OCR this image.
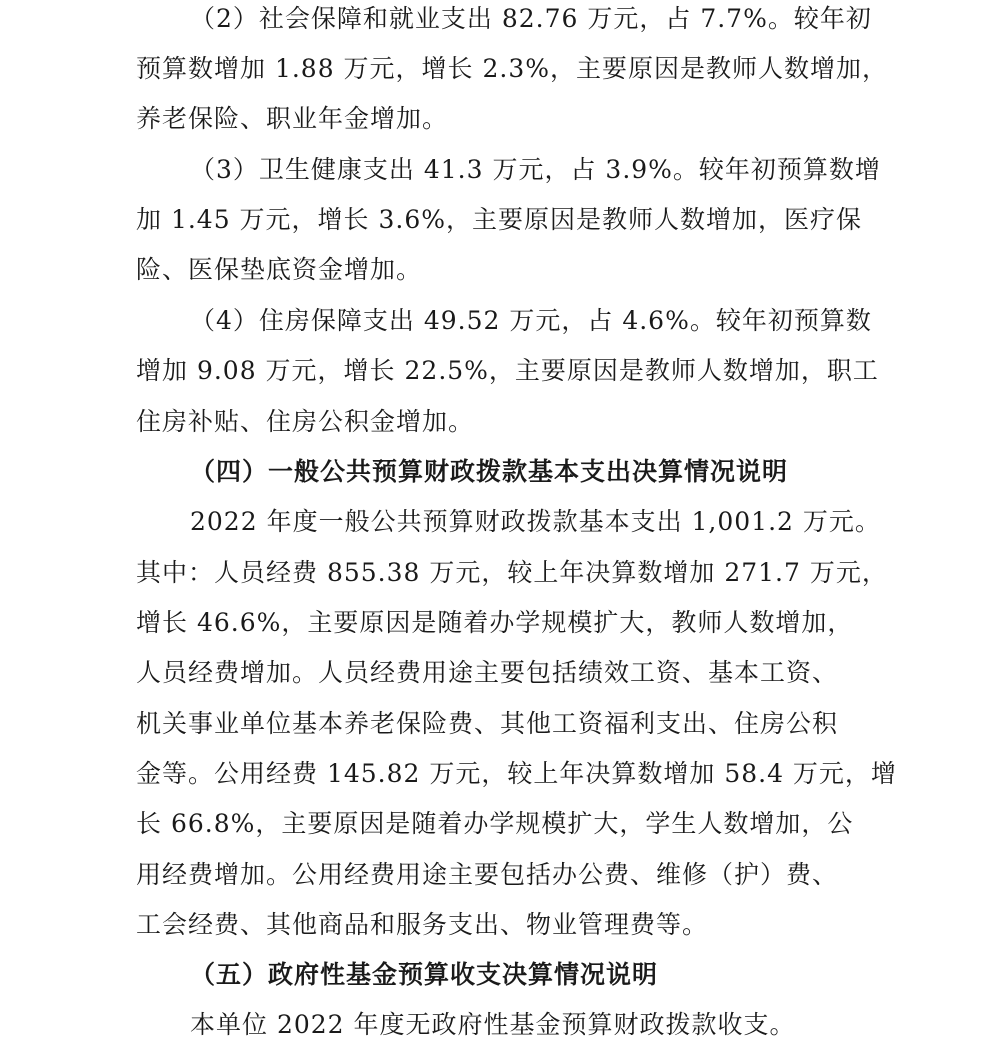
（2）社会保障和就业支出 82.76 万元，占 7.7%。较年初
预算数增加 1.88 万元，增长 2.3%，主要原因是教师人数增加，
养老保险、职业年金增加。
（3）卫生健康支出 41.3 万元，占 3.9%。较年初预算数增
加 1.45 万元，增长 3.6%，主要原因是教师人数增加，医疗保
险、医保垫底资金增加。
（4）住房保障支出 49.52 万元，占 4.6%。较年初预算数
增加 9.08 万元，增长 22.5%，主要原因是教师人数增加，职工
住房补贴、住房公积金增加。
（四）一般公共预算财政拨款基本支出决算情况说明
2022 年度一般公共预算财政拨款基本支出 1,001.2 万元。
其中：人员经费 855.38 万元，较上年决算数增加 271.7 万元，
增长 46.6%，主要原因是随着办学规模扩大，教师人数增加，
人员经费增加。人员经费用途主要包括绩效工资、基本工资、
机关事业单位基本养老保险费、其他工资福利支出、住房公积
金等。公用经费 145.82 万元，较上年决算数增加 58.4 万元，增
长 66.8%，主要原因是随着办学规模扩大，学生人数增加，公
用经费增加。公用经费用途主要包括办公费、维修（护）费、
工会经费、其他商品和服务支出、物业管理费等。
（五）政府性基金预算收支决算情况说明
本单位 2022 年度无政府性基金预算财政拨款收支。
